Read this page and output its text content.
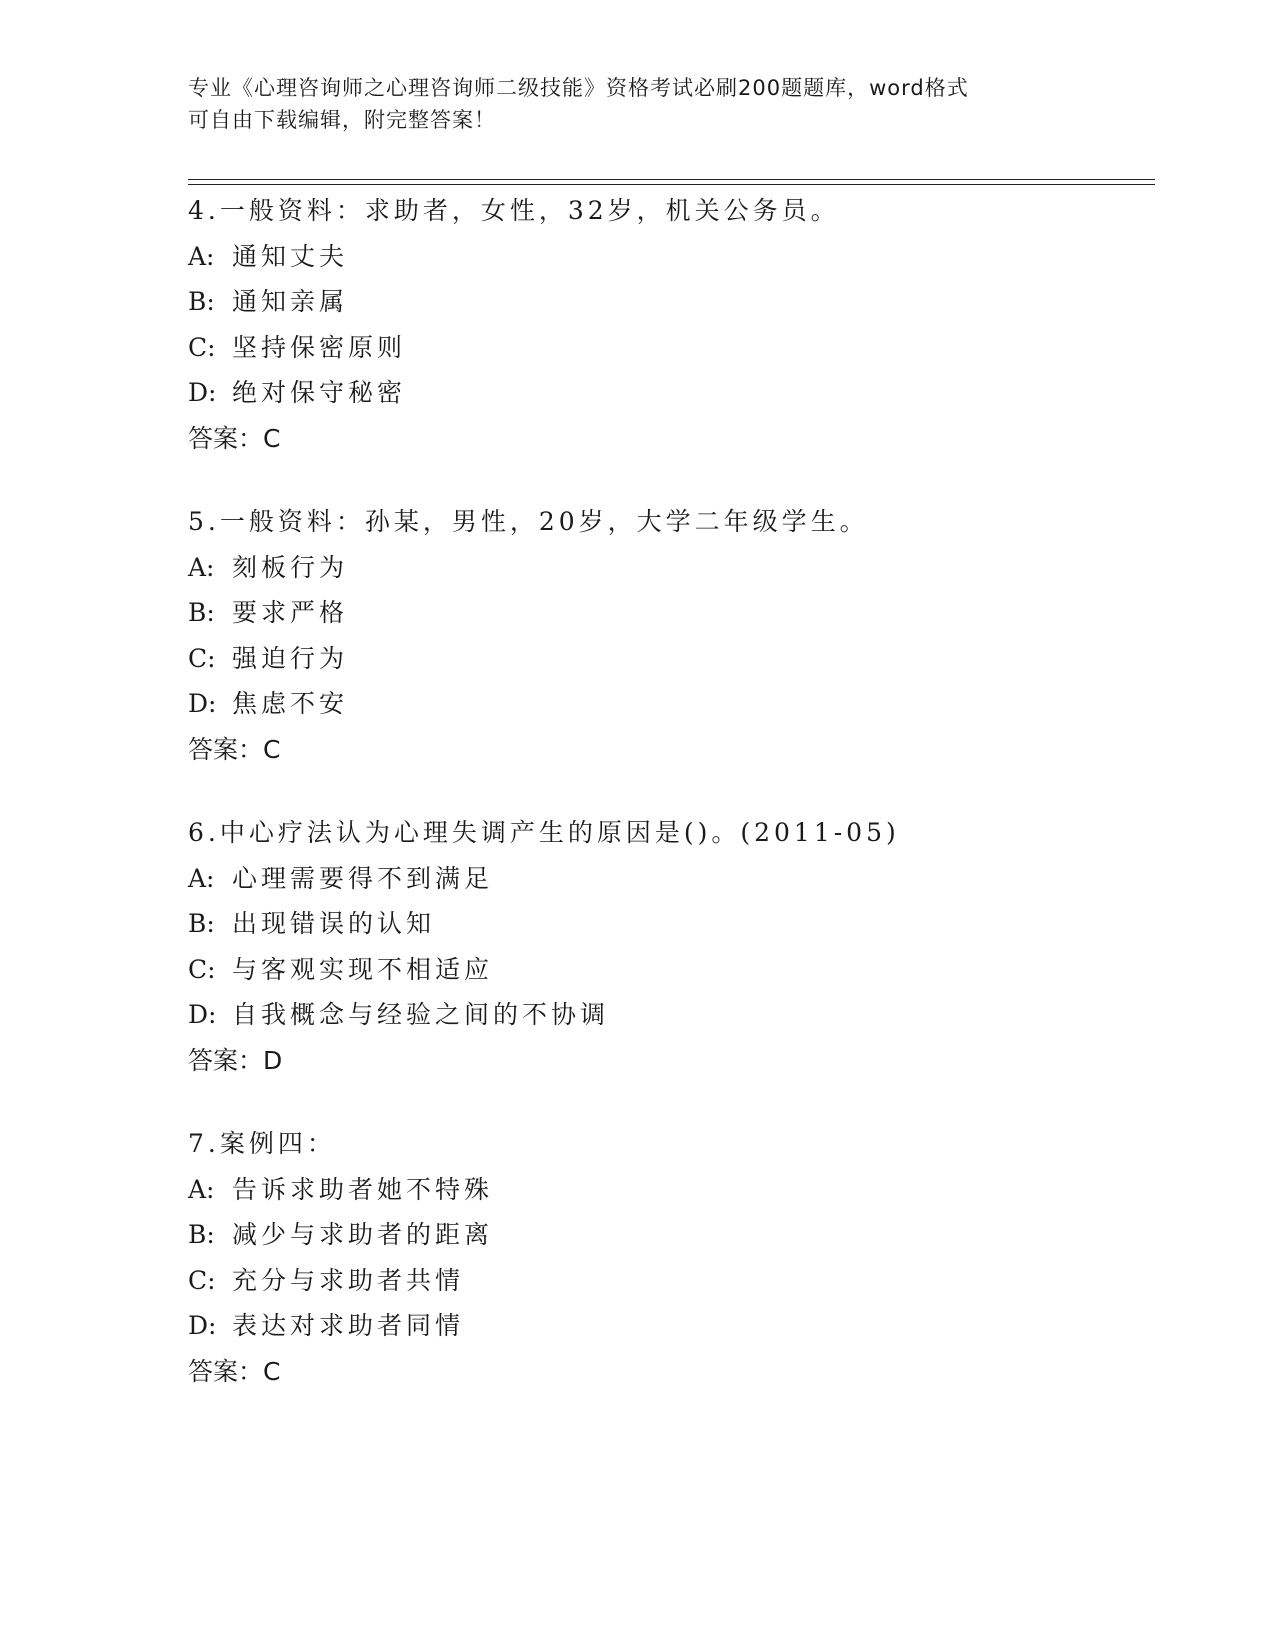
专业《心理咨询师之心理咨询师二级技能》资格考试必刷200题题库，word格式
可自由下载编辑，附完整答案！
4.一般资料：求助者，女性，32岁，机关公务员。
A: 通知丈夫
B: 通知亲属
C: 坚持保密原则
D: 绝对保守秘密
答案：C
5.一般资料：孙某，男性，20岁，大学二年级学生。
A: 刻板行为
B: 要求严格
C: 强迫行为
D: 焦虑不安
答案：C
6.中心疗法认为心理失调产生的原因是()。(2011-05)
A: 心理需要得不到满足
B: 出现错误的认知
C: 与客观实现不相适应
D: 自我概念与经验之间的不协调
答案：D
7.案例四：
A: 告诉求助者她不特殊
B: 减少与求助者的距离
C: 充分与求助者共情
D: 表达对求助者同情
答案：C
